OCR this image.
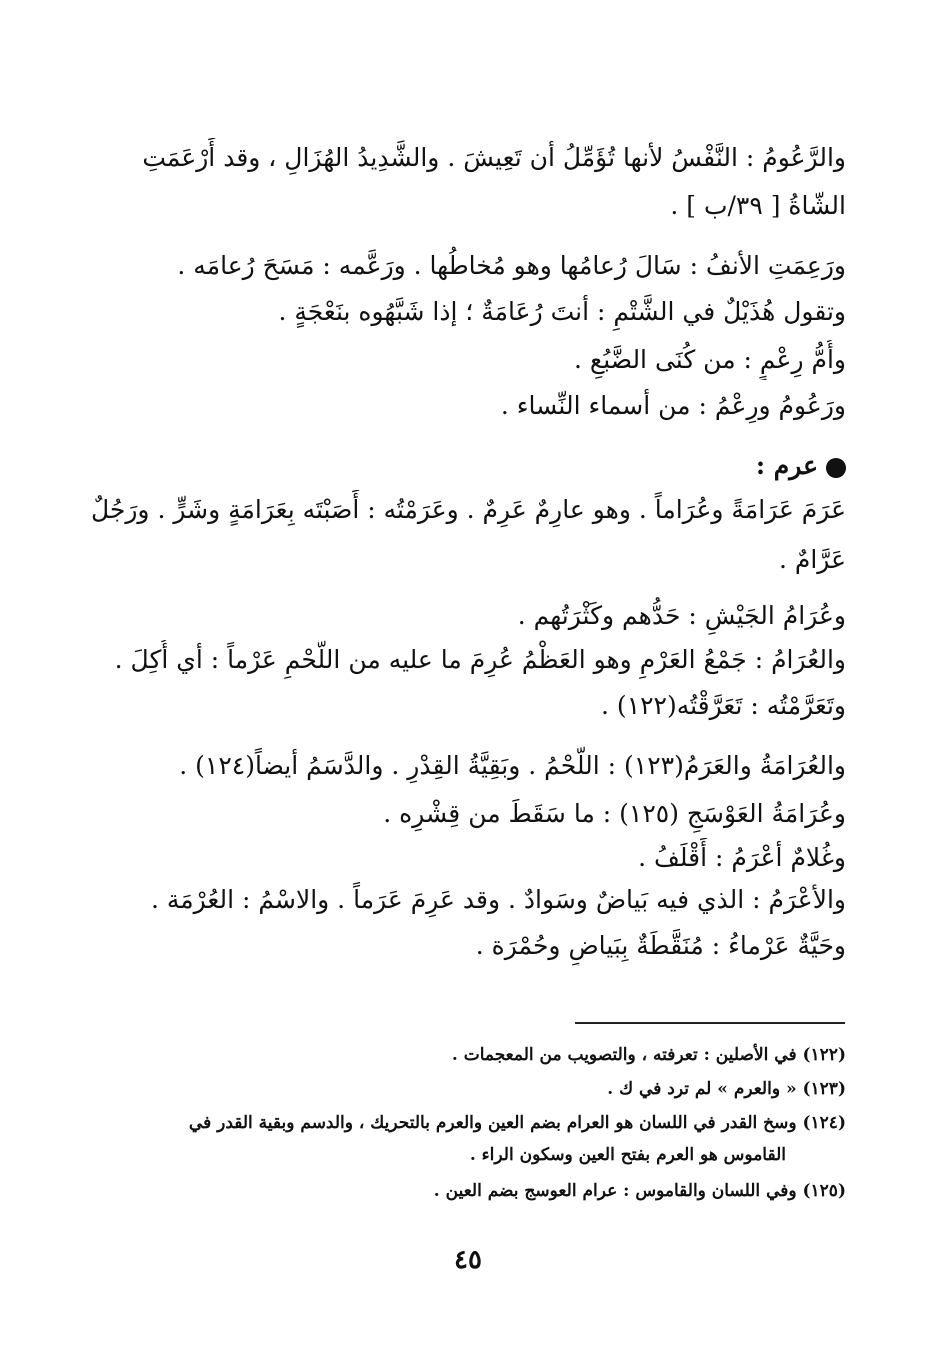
والرَّعُومُ : النَّفْسُ لأنها تُؤَمِّلُ أن تَعِيشَ . والشَّدِيدُ الهُزَالِ ، وقد أَرْعَمَتِ
الشّاةُ [ ٣٩/ب ] .
ورَعِمَتِ الأنفُ : سَالَ رُعامُها وهو مُخاطُها . ورَعَّمه : مَسَحَ رُعامَه .
وتقول هُذَيْلٌ في الشَّتْمِ : أنتَ رُعَامَةٌ ؛ إذا شَبَّهُوه بنَعْجَةٍ .
وأُمُّ رِعْمٍ : من كُنَى الضَّبُعِ .
ورَعُومُ ورِعْمُ : من أسماء النِّساء .
عرم :
عَرَمَ عَرَامَةً وعُرَاماً . وهو عارِمٌ عَرِمٌ . وعَرَمْتُه : أَصَبْتَه بِعَرَامَةٍ وشَرٍّ . ورَجُلٌ
عَرَّامٌ .
وعُرَامُ الجَيْشِ : حَدُّهم وكَثْرَتُهم .
والعُرَامُ : جَمْعُ العَرْمِ وهو العَظْمُ عُرِمَ ما عليه من اللَّحْمِ عَرْماً : أي أُكِلَ .
وتَعَرَّمْتُه : تَعَرَّقْتُه(١٢٢) .
والعُرَامَةُ والعَرَمُ(١٢٣) : اللَّحْمُ . وبَقِيَّةُ القِدْرِ . والدَّسَمُ أيضاً(١٢٤) .
وعُرَامَةُ العَوْسَجِ (١٢٥) : ما سَقَطَ من قِشْرِه .
وغُلامٌ أعْرَمُ : أَقْلَفُ .
والأعْرَمُ : الذي فيه بَياضٌ وسَوادٌ . وقد عَرِمَ عَرَماً . والاسْمُ : العُرْمَة .
وحَيَّةٌ عَرْماءُ : مُنَقَّطَةٌ بِبَياضٍ وحُمْرَة .
(١٢٢) في الأصلين : تعرفته ، والتصويب من المعجمات .
(١٢٣) « والعرم » لم ترد في ك .
(١٢٤) وسخ القدر في اللسان هو العرام بضم العين والعرم بالتحريك ، والدسم وبقية القدر في
القاموس هو العرم بفتح العين وسكون الراء .
(١٢٥) وفي اللسان والقاموس : عرام العوسج بضم العين .
٤٥
